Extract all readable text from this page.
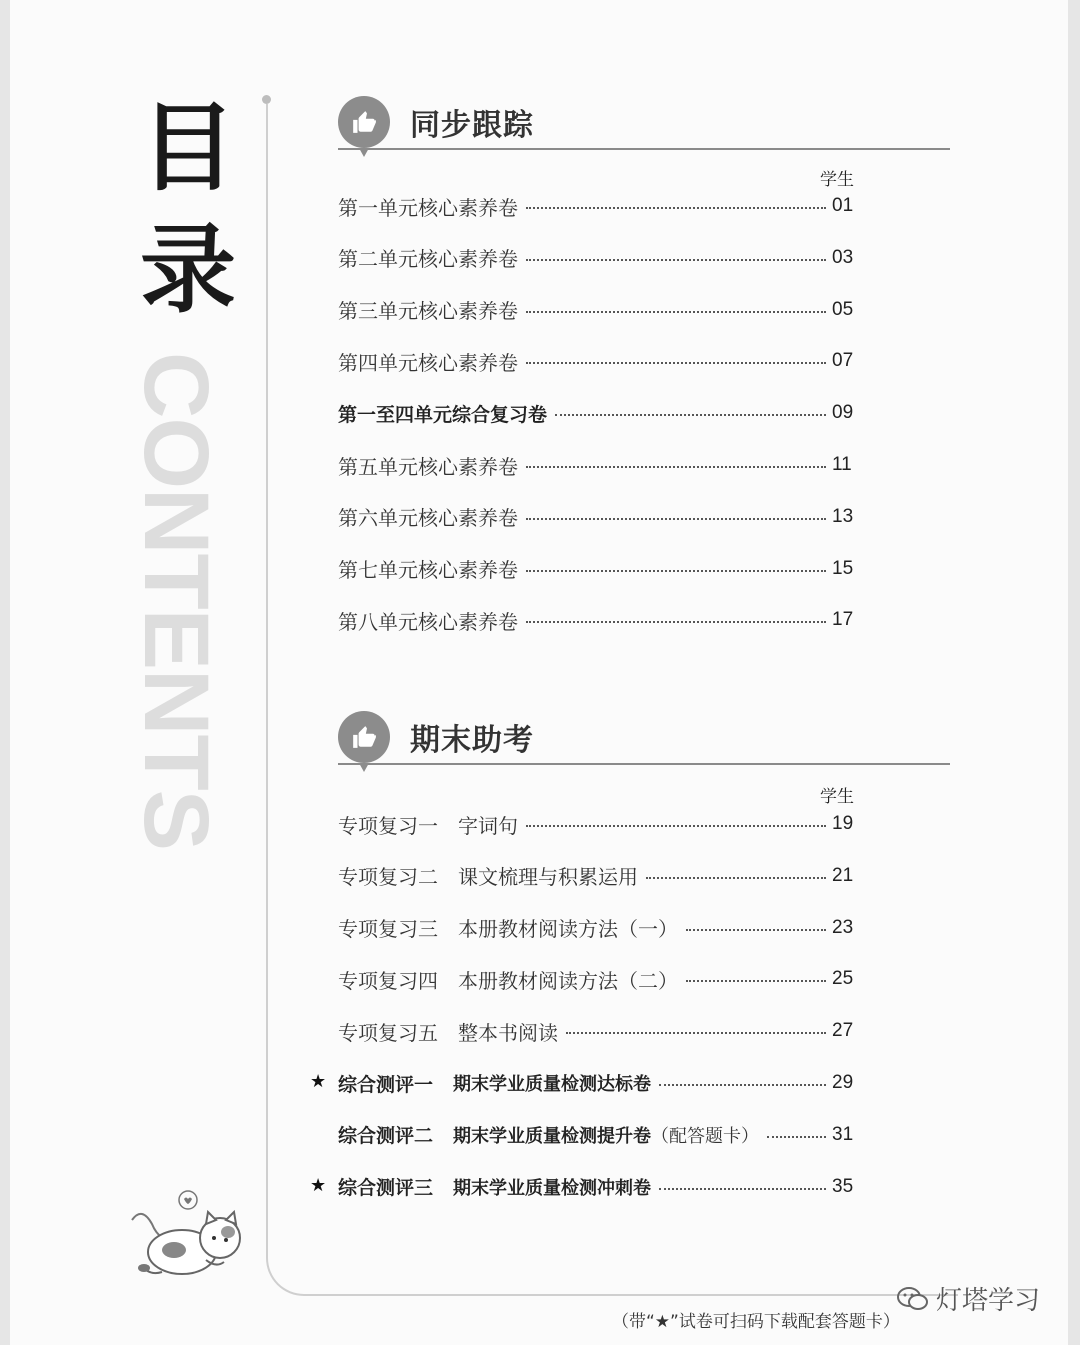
目
录
CONTENTS
同步跟踪
学生
第一单元核心素养卷	01
第二单元核心素养卷	03
第三单元核心素养卷	05
第四单元核心素养卷	07
第一至四单元综合复习卷	09
第五单元核心素养卷	11
第六单元核心素养卷	13
第七单元核心素养卷	15
第八单元核心素养卷	17
期末助考
学生
专项复习一 字词句	19
专项复习二 课文梳理与积累运用	21
专项复习三 本册教材阅读方法（一）	23
专项复习四 本册教材阅读方法（二）	25
专项复习五 整本书阅读	27
★ 综合测评一 期末学业质量检测达标卷	29
综合测评二 期末学业质量检测提升卷 （配答题卡）	31
★ 综合测评三 期末学业质量检测冲刺卷	35
（带“★”试卷可扫码下载配套答题卡）
灯塔学习
